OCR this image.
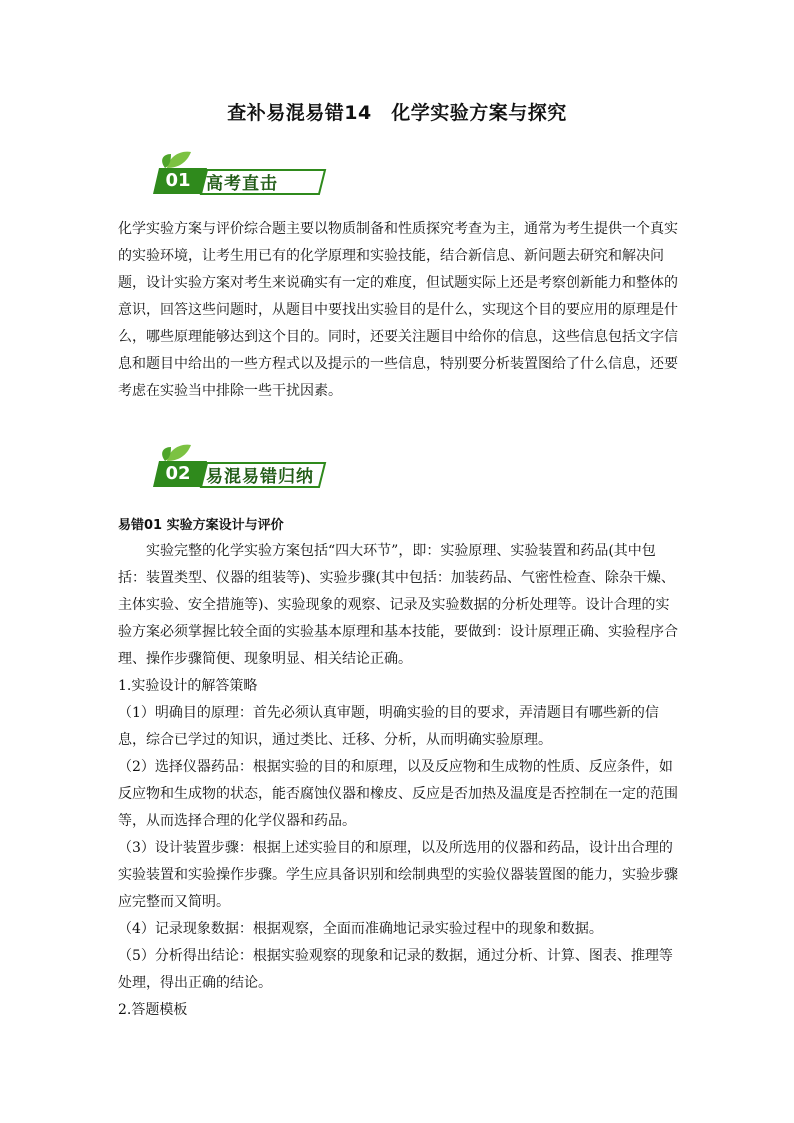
查补易混易错14　化学实验方案与探究
01 高考直击

化学实验方案与评价综合题主要以物质制备和性质探究考查为主，通常为考生提供一个真实的实验环境，让考生用已有的化学原理和实验技能，结合新信息、新问题去研究和解决问题，设计实验方案对考生来说确实有一定的难度，但试题实际上还是考察创新能力和整体的意识，回答这些问题时，从题目中要找出实验目的是什么，实现这个目的要应用的原理是什么，哪些原理能够达到这个目的。同时，还要关注题目中给你的信息，这些信息包括文字信息和题目中给出的一些方程式以及提示的一些信息，特别要分析装置图给了什么信息，还要考虑在实验当中排除一些干扰因素。

02 易混易错归纳
易错01 实验方案设计与评价

实验完整的化学实验方案包括“四大环节”，即：实验原理、实验装置和药品(其中包括：装置类型、仪器的组装等)、实验步骤(其中包括：加装药品、气密性检查、除杂干燥、主体实验、安全措施等)、实验现象的观察、记录及实验数据的分析处理等。设计合理的实验方案必须掌握比较全面的实验基本原理和基本技能，要做到：设计原理正确、实验程序合理、操作步骤简便、现象明显、相关结论正确。

1.实验设计的解答策略

（1）明确目的原理：首先必须认真审题，明确实验的目的要求，弄清题目有哪些新的信息，综合已学过的知识，通过类比、迁移、分析，从而明确实验原理。

（2）选择仪器药品：根据实验的目的和原理，以及反应物和生成物的性质、反应条件，如反应物和生成物的状态，能否腐蚀仪器和橡皮、反应是否加热及温度是否控制在一定的范围等，从而选择合理的化学仪器和药品。

（3）设计装置步骤：根据上述实验目的和原理，以及所选用的仪器和药品，设计出合理的实验装置和实验操作步骤。学生应具备识别和绘制典型的实验仪器装置图的能力，实验步骤应完整而又简明。

（4）记录现象数据：根据观察，全面而准确地记录实验过程中的现象和数据。

（5）分析得出结论：根据实验观察的现象和记录的数据，通过分析、计算、图表、推理等处理，得出正确的结论。

2.答题模板
